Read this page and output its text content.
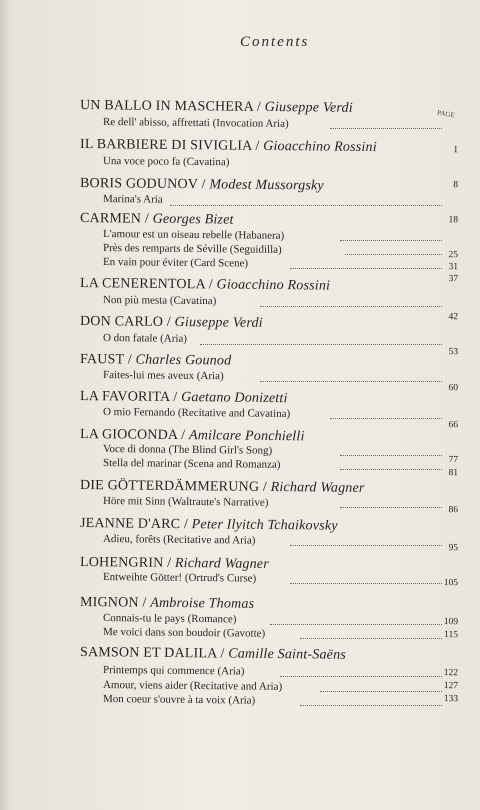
Contents
PAGE
UN BALLO IN MASCHERA / Giuseppe Verdi
Re dell' abisso, affrettati (Invocation Aria)
IL BARBIERE DI SIVIGLIA / Gioacchino Rossini
Una voce poco fa (Cavatina)
1
BORIS GODUNOV / Modest Mussorgsky
Marina's Aria
8
CARMEN / Georges Bizet
L'amour est un oiseau rebelle (Habanera)
Près des remparts de Séville (Seguidilla)
En vain pour éviter (Card Scene)
18
25
31
LA CENERENTOLA / Gioacchino Rossini
Non più mesta (Cavatina)
37
DON CARLO / Giuseppe Verdi
O don fatale (Aria)
42
FAUST / Charles Gounod
Faites-lui mes aveux (Aria)
53
LA FAVORITA / Gaetano Donizetti
O mio Fernando (Recitative and Cavatina)
60
LA GIOCONDA / Amilcare Ponchielli
Voce di donna (The Blind Girl's Song)
Stella del marinar (Scena and Romanza)
66
77
DIE GÖTTERDÄMMERUNG / Richard Wagner
Höre mit Sinn (Waltraute's Narrative)
81
JEANNE D'ARC / Peter Ilyitch Tchaikovsky
Adieu, forêts (Recitative and Aria)
86
LOHENGRIN / Richard Wagner
Entweihte Götter! (Ortrud's Curse)
95
MIGNON / Ambroise Thomas
Connais-tu le pays (Romance)
Me voici dans son boudoir (Gavotte)
105
109
SAMSON ET DALILA / Camille Saint-Saëns
Printemps qui commence (Aria)
Amour, viens aider (Recitative and Aria)
Mon coeur s'ouvre à ta voix (Aria)
115
122
127
133
